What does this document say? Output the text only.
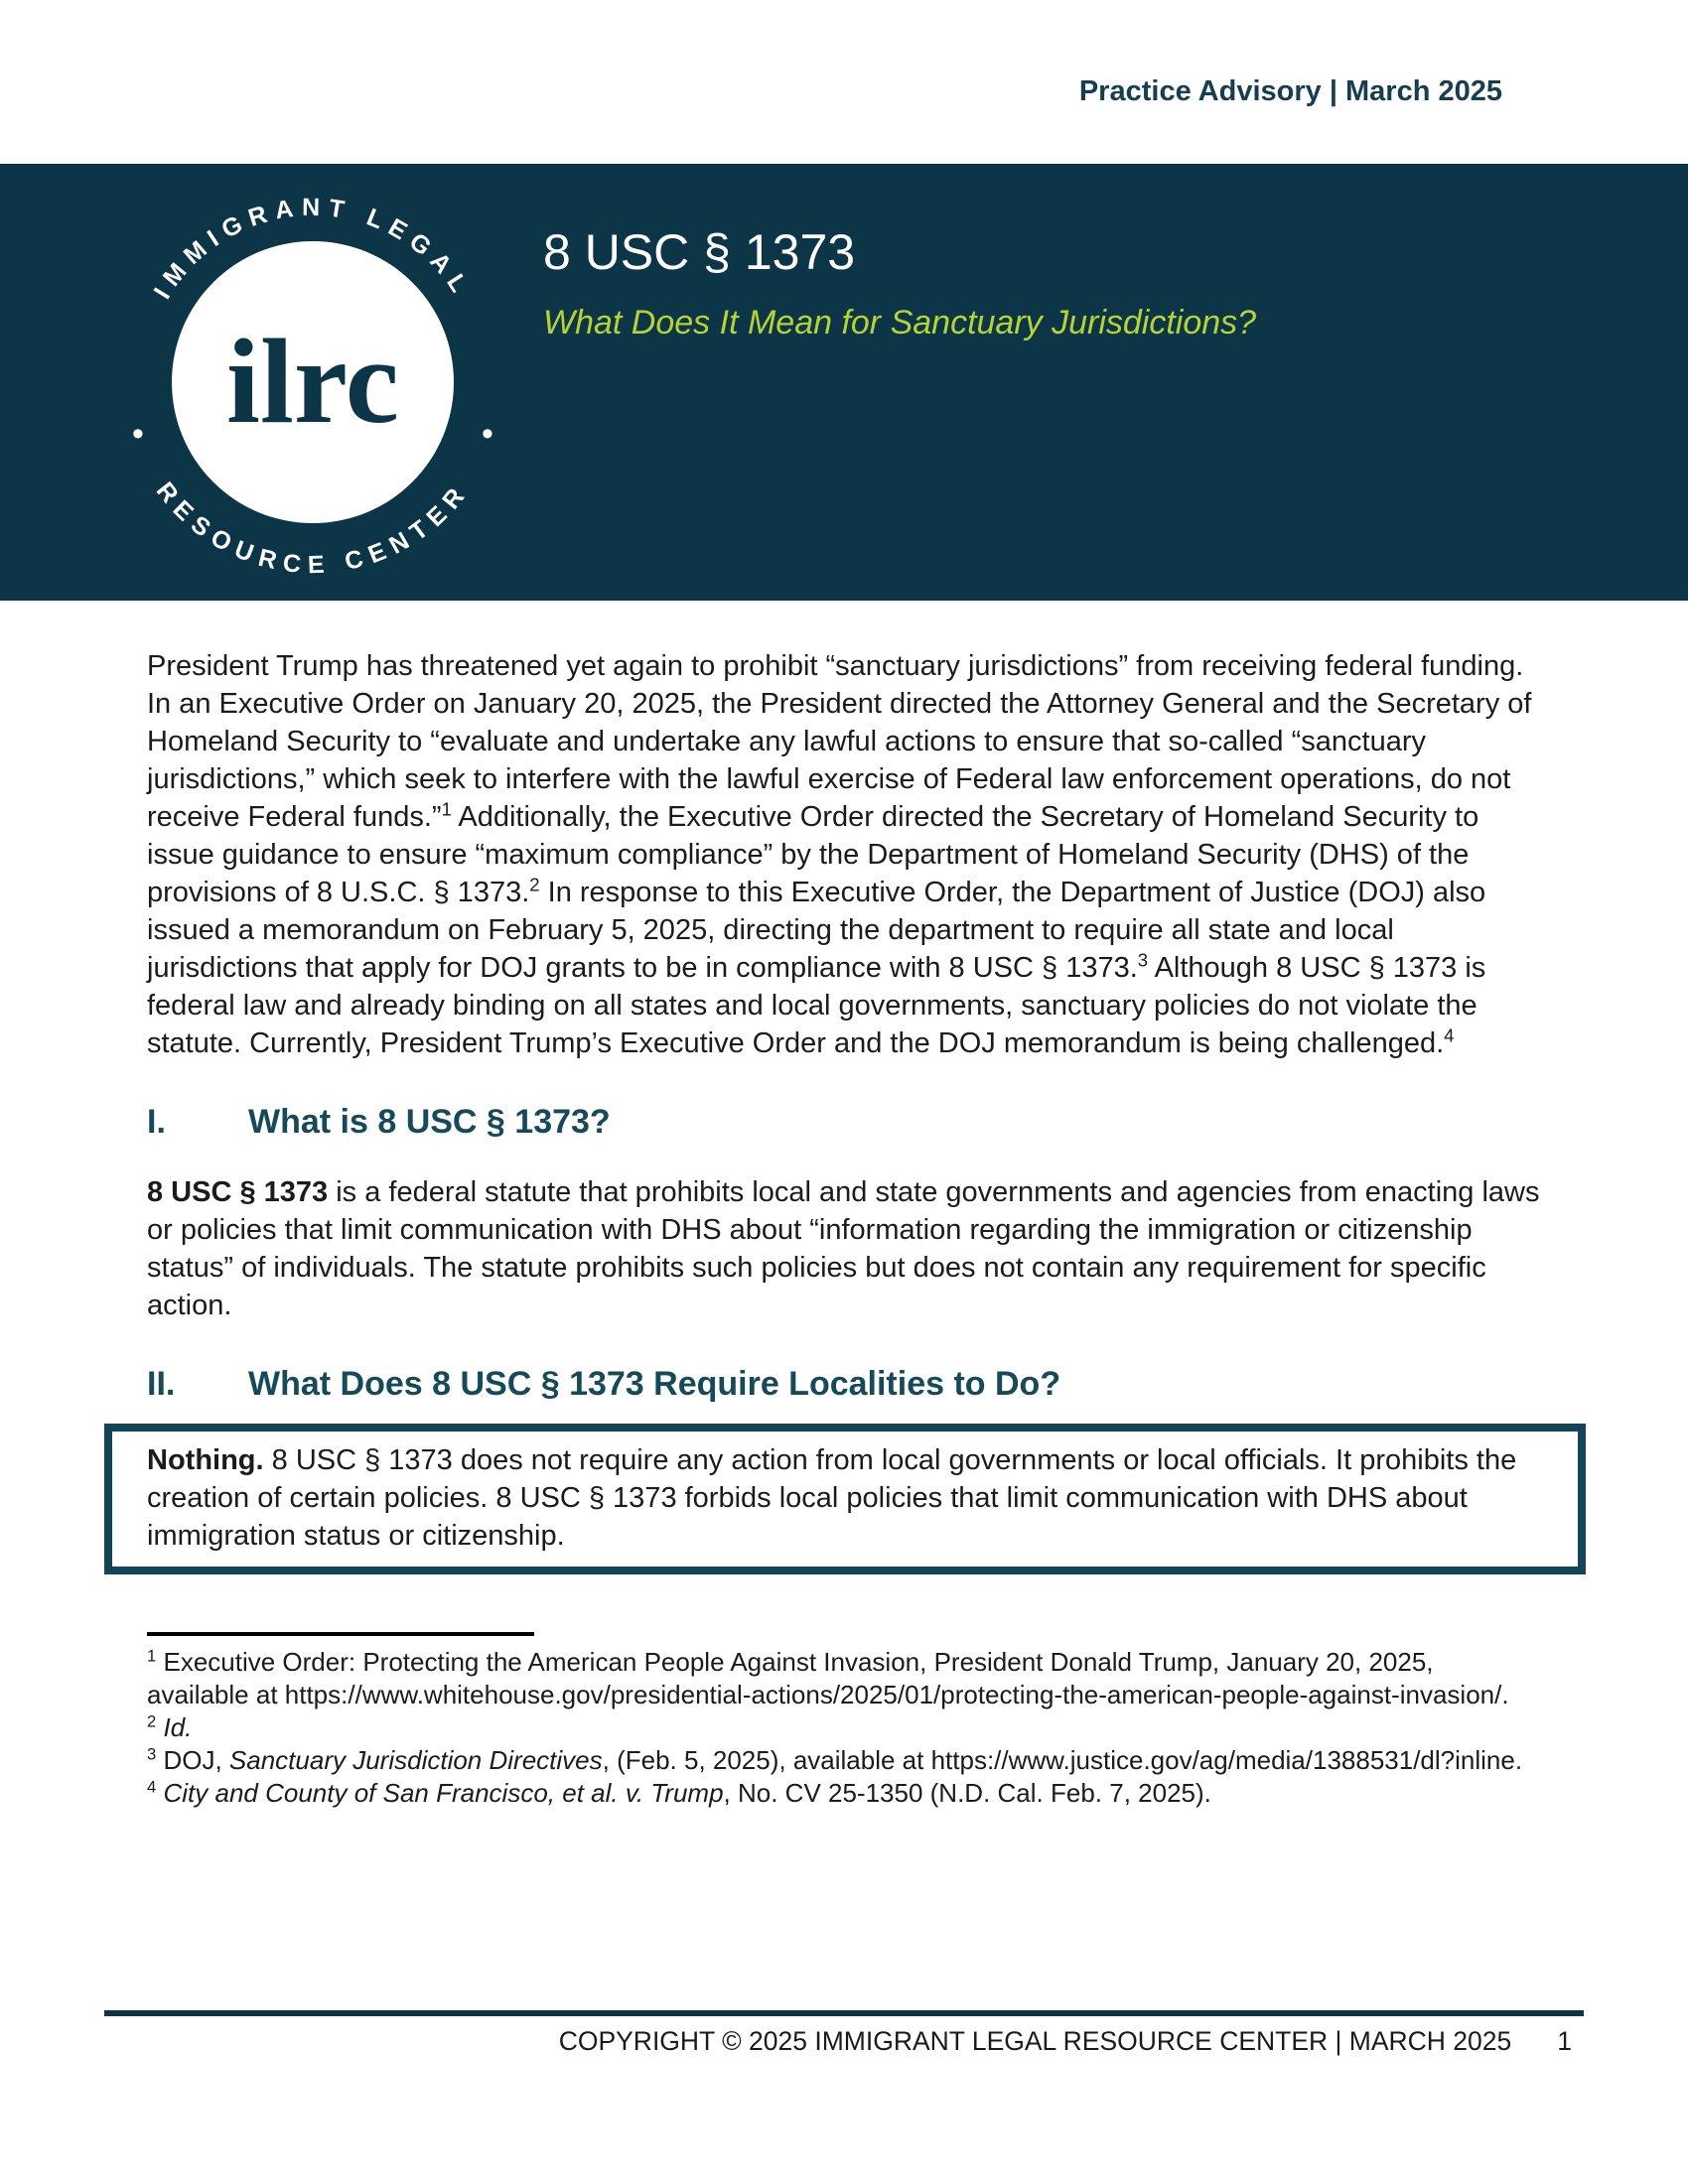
Practice Advisory | March 2025
IMMIGRANT LEGAL
RESOURCE CENTER
•	•
ilrc
8 USC § 1373
What Does It Mean for Sanctuary Jurisdictions?

President Trump has threatened yet again to prohibit “sanctuary jurisdictions” from receiving federal funding. In an Executive Order on January 20, 2025, the President directed the Attorney General and the Secretary of Homeland Security to “evaluate and undertake any lawful actions to ensure that so-called “sanctuary jurisdictions,” which seek to interfere with the lawful exercise of Federal law enforcement operations, do not receive Federal funds.”$^1$ Additionally, the Executive Order directed the Secretary of Homeland Security to issue guidance to ensure “maximum compliance” by the Department of Homeland Security (DHS) of the provisions of 8 U.S.C. § 1373.$^2$ In response to this Executive Order, the Department of Justice (DOJ) also issued a memorandum on February 5, 2025, directing the department to require all state and local jurisdictions that apply for DOJ grants to be in compliance with 8 USC § 1373.$^3$ Although 8 USC § 1373 is federal law and already binding on all states and local governments, sanctuary policies do not violate the statute. Currently, President Trump’s Executive Order and the DOJ memorandum is being challenged.$^4$

I.	What is 8 USC § 1373?

8 USC § 1373 is a federal statute that prohibits local and state governments and agencies from enacting laws or policies that limit communication with DHS about “information regarding the immigration or citizenship status” of individuals. The statute prohibits such policies but does not contain any requirement for specific action.

II.	What Does 8 USC § 1373 Require Localities to Do?
Nothing. 8 USC § 1373 does not require any action from local governments or local officials. It prohibits the creation of certain policies. 8 USC § 1373 forbids local policies that limit communication with DHS about immigration status or citizenship.
$^1$ Executive Order: Protecting the American People Against Invasion, President Donald Trump, January 20, 2025, available at https://www.whitehouse.gov/presidential-actions/2025/01/protecting-the-american-people-against-invasion/.
$^2$ Id.
$^3$ DOJ, Sanctuary Jurisdiction Directives, (Feb. 5, 2025), available at https://www.justice.gov/ag/media/1388531/dl?inline.
$^4$ City and County of San Francisco, et al. v. Trump, No. CV 25-1350 (N.D. Cal. Feb. 7, 2025).
COPYRIGHT © 2025 IMMIGRANT LEGAL RESOURCE CENTER | MARCH 2025 1
